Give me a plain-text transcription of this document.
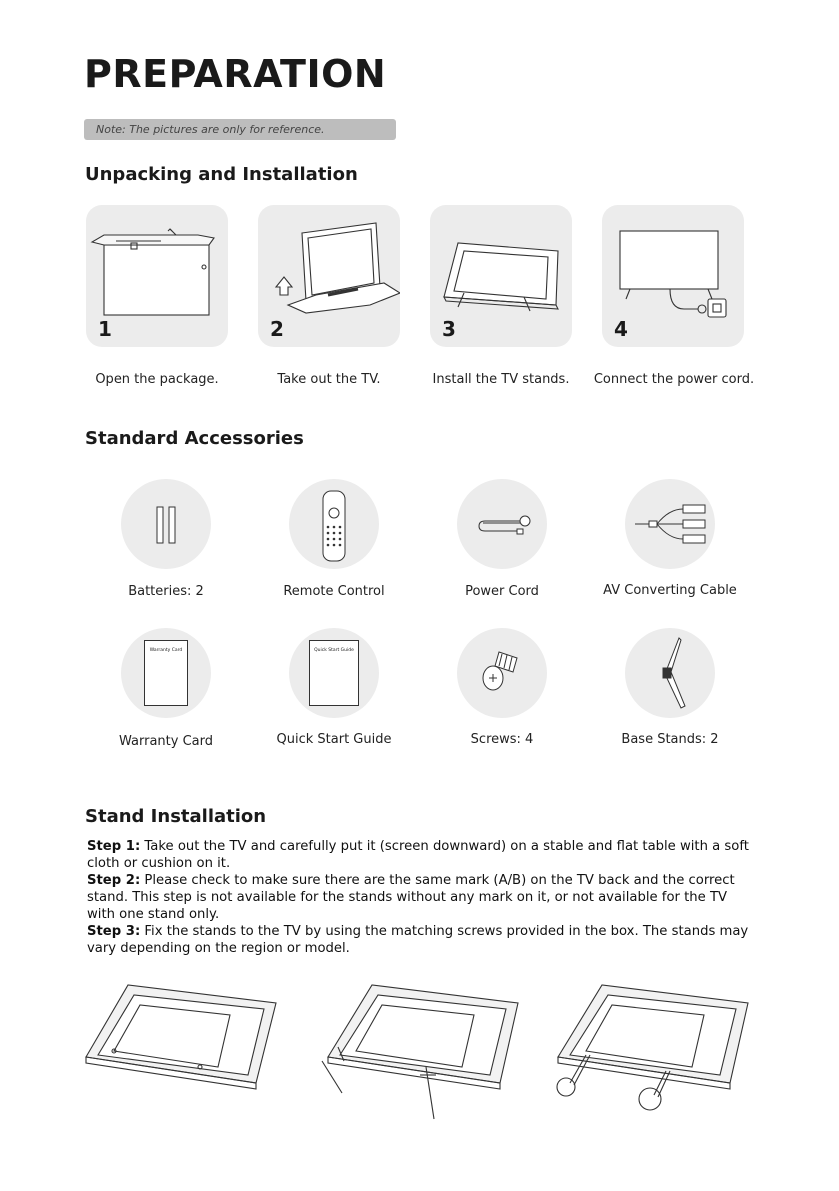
PREPARATION
Note: The pictures are only for reference.
Unpacking and Installation
1
Open the package.
2
Take out the TV.
3
Install the TV stands.
4
Connect the power cord.
Standard Accessories
Batteries: 2	Remote Control	Power Cord	AV Converting Cable
Warranty Card
Warranty Card
Quick Start Guide
Quick Start Guide	Screws: 4	Base Stands: 2
Stand Installation

Step 1: Take out the TV and carefully put it (screen downward) on a stable and flat table with a soft cloth or cushion on it.

Step 2: Please check to make sure there are the same mark (A/B) on the TV back and the correct stand. This step is not available for the stands without any mark on it, or not available for the TV with one stand only.

Step 3: Fix the stands to the TV by using the matching screws provided in the box. The stands may vary depending on the region or model.
